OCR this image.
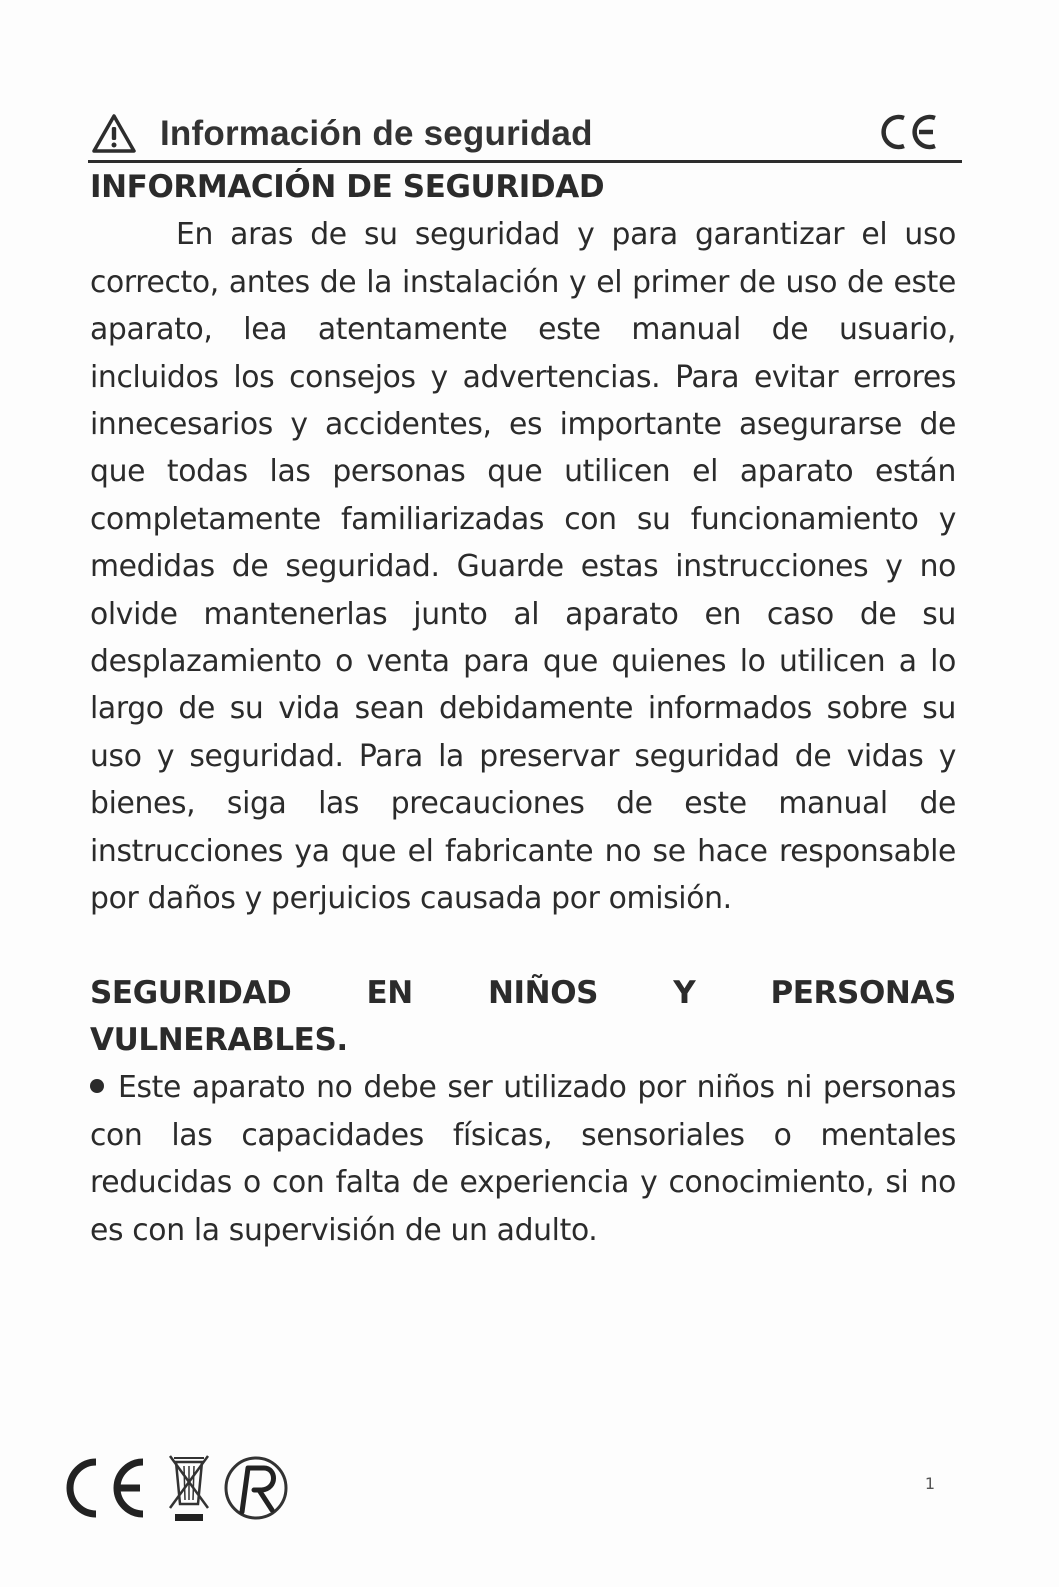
Información de seguridad

INFORMACIÓN DE SEGURIDAD

En aras de su seguridad y para garantizar el uso correcto, antes de la instalación y el primer de uso de este aparato, lea atentamente este manual de usuario, incluidos los consejos y advertencias. Para evitar errores innecesarios y accidentes, es importante asegurarse de que todas las personas que utilicen el aparato están completamente familiarizadas con su funcionamiento y medidas de seguridad. Guarde estas instrucciones y no olvide mantenerlas junto al aparato en caso de su desplazamiento o venta para que quienes lo utilicen a lo largo de su vida sean debidamente informados sobre su uso y seguridad. Para la preservar seguridad de vidas y bienes, siga las precauciones de este manual de instrucciones ya que el fabricante no se hace responsable por daños y perjuicios causada por omisión.

SEGURIDAD EN NIÑOS Y PERSONAS
VULNERABLES.

Este aparato no debe ser utilizado por niños ni personas con las capacidades físicas, sensoriales o mentales reducidas o con falta de experiencia y conocimiento, si no es con la supervisión de un adulto.

1
